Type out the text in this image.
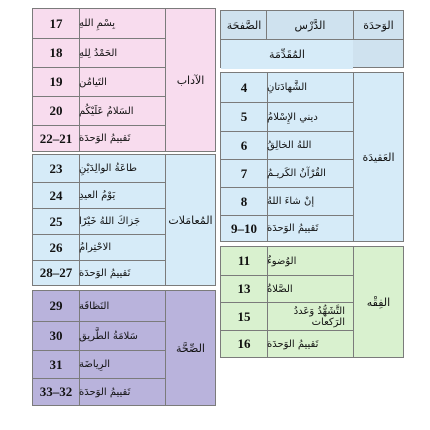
الوَحدَة
الدَّرْس
الصَّفحَة
المُقَدِّمَة
17	بِسْمِ اللهِ
18	الحَمْدُ لِلهِ
19	التَيامُن
20	السَلامُ عَلَيْكُم
22–21 تَقييمُ الوَحدَة
الآداب
23	طاعَةُ الوالِدَيْنِ
24	يَوْمُ العيدِ
25	جَزاكَ اللهُ خَيْرًا
26	الاحْتِرامُ
28–27 تَقييمُ الوَحدَة
المُعامَلات
29	النَظافَة
30	سَلامَةُ الطَّريق
31	الرِياضَة
33–32 تَقييمُ الوَحدَة
الصِّحَّة
4	الشَّهادَتانِ
5	ديني الإِسْلامُ
6	اللهُ الخالِقُ
7	القُرْآنُ الكَريـمُ
8	إنْ شاءَ اللهُ
9–10	تَقييمُ الوَحدَة
العَقيدَة
11	الوُضوءُ
13	الصَّلاةُ
15	التَّشَهُّدُ وَعَددُ الرَكعات
16	تَقييمُ الوَحدَة
الفِقْه
